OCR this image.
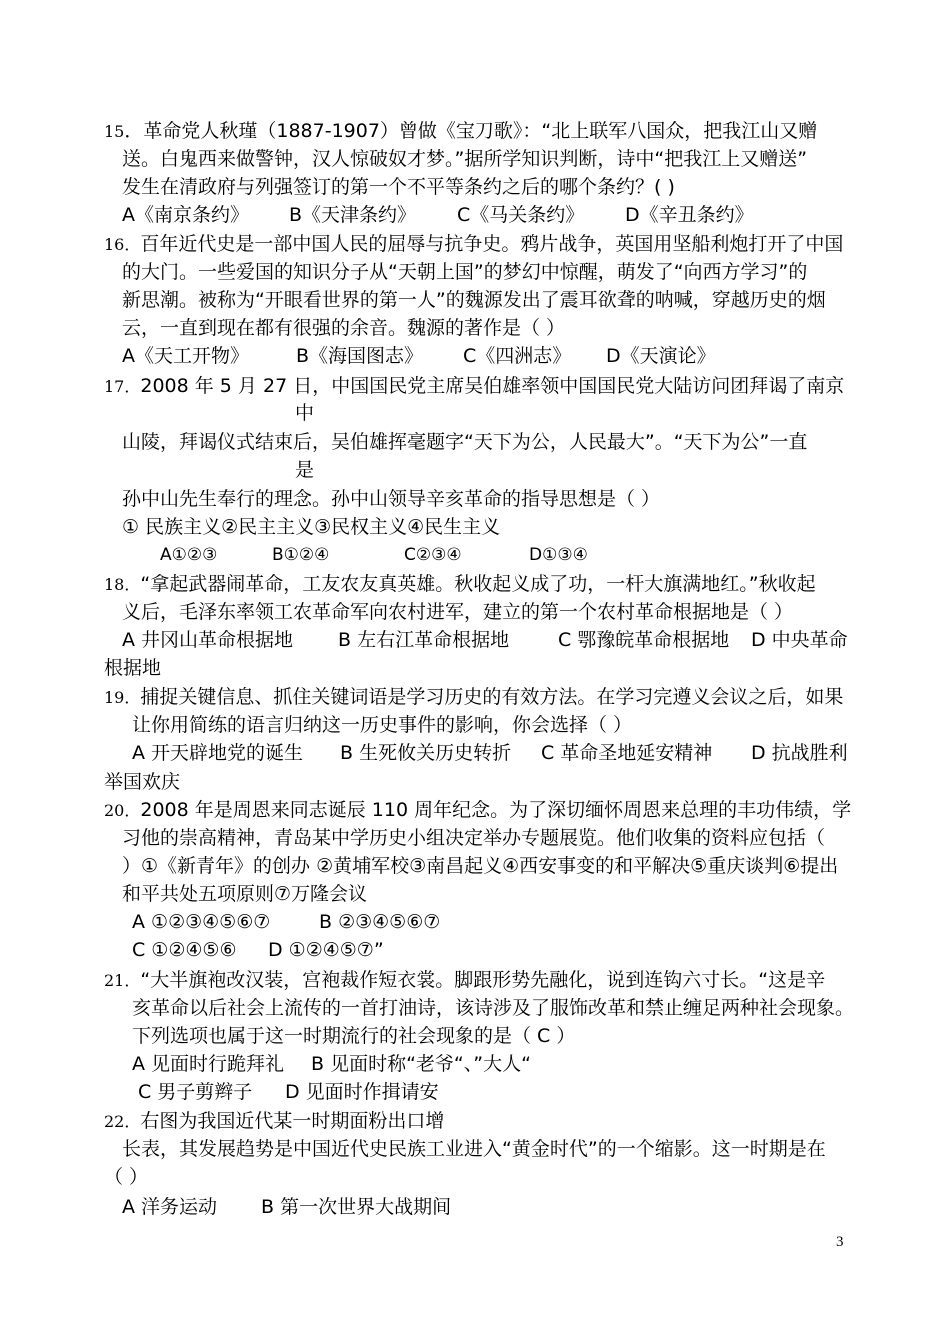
15．革命党人秋瑾（1887-1907）曾做《宝刀歌》：“北上联军八国众，把我江山又赠
送。白鬼西来做警钟，汉人惊破奴才梦。”据所学知识判断，诗中“把我江上又赠送”
发生在清政府与列强签订的第一个不平等条约之后的哪个条约？( )
A《南京条约》 B《天津条约》 C《马关条约》 D《辛丑条约》
16．百年近代史是一部中国人民的屈辱与抗争史。鸦片战争，英国用坚船利炮打开了中国
的大门。一些爱国的知识分子从“天朝上国”的梦幻中惊醒，萌发了“向西方学习”的
新思潮。被称为“开眼看世界的第一人”的魏源发出了震耳欲聋的呐喊，穿越历史的烟
云，一直到现在都有很强的余音。魏源的著作是（ ）
A《天工开物》 B《海国图志》 C《四洲志》 D《天演论》
17．2008 年 5 月 27 日，中国国民党主席吴伯雄率领中国国民党大陆访问团拜谒了南京
中
山陵，拜谒仪式结束后，吴伯雄挥毫题字“天下为公，人民最大”。“天下为公”一直
是
孙中山先生奉行的理念。孙中山领导辛亥革命的指导思想是（ ）
① 民族主义②民主主义③民权主义④民生主义
A①②③	B①②④	C②③④	D①③④
18．“拿起武器闹革命，工友农友真英雄。秋收起义成了功，一杆大旗满地红。”秋收起
义后，毛泽东率领工农革命军向农村进军，建立的第一个农村革命根据地是（ ）
A 井冈山革命根据地 B 左右江革命根据地	C 鄂豫皖革命根据地 D 中央革命
根据地
19．捕捉关键信息、抓住关键词语是学习历史的有效方法。在学习完遵义会议之后，如果
让你用简练的语言归纳这一历史事件的影响，你会选择（ ）
A 开天辟地党的诞生 B 生死攸关历史转折 C 革命圣地延安精神 D 抗战胜利
举国欢庆
20．2008 年是周恩来同志诞辰 110 周年纪念。为了深切缅怀周恩来总理的丰功伟绩，学
习他的崇高精神，青岛某中学历史小组决定举办专题展览。他们收集的资料应包括（
）①《新青年》的创办 ②黄埔军校③南昌起义④西安事变的和平解决⑤重庆谈判⑥提出
和平共处五项原则⑦万隆会议
A ①②③④⑤⑥⑦	B ②③④⑤⑥⑦
C ①②④⑤⑥ D ①②④⑤⑦”
21．“大半旗袍改汉装，宫袍裁作短衣裳。脚跟形势先融化，说到连钩六寸长。“这是辛
亥革命以后社会上流传的一首打油诗，该诗涉及了服饰改革和禁止缠足两种社会现象。
下列选项也属于这一时期流行的社会现象的是（ C ）
A 见面时行跪拜礼 B 见面时称“老爷“、”大人“
C 男子剪辫子 D 见面时作揖请安
22．右图为我国近代某一时期面粉出口增
长表，其发展趋势是中国近代史民族工业进入“黄金时代”的一个缩影。这一时期是在
（ ）
A 洋务运动 B 第一次世界大战期间
3
